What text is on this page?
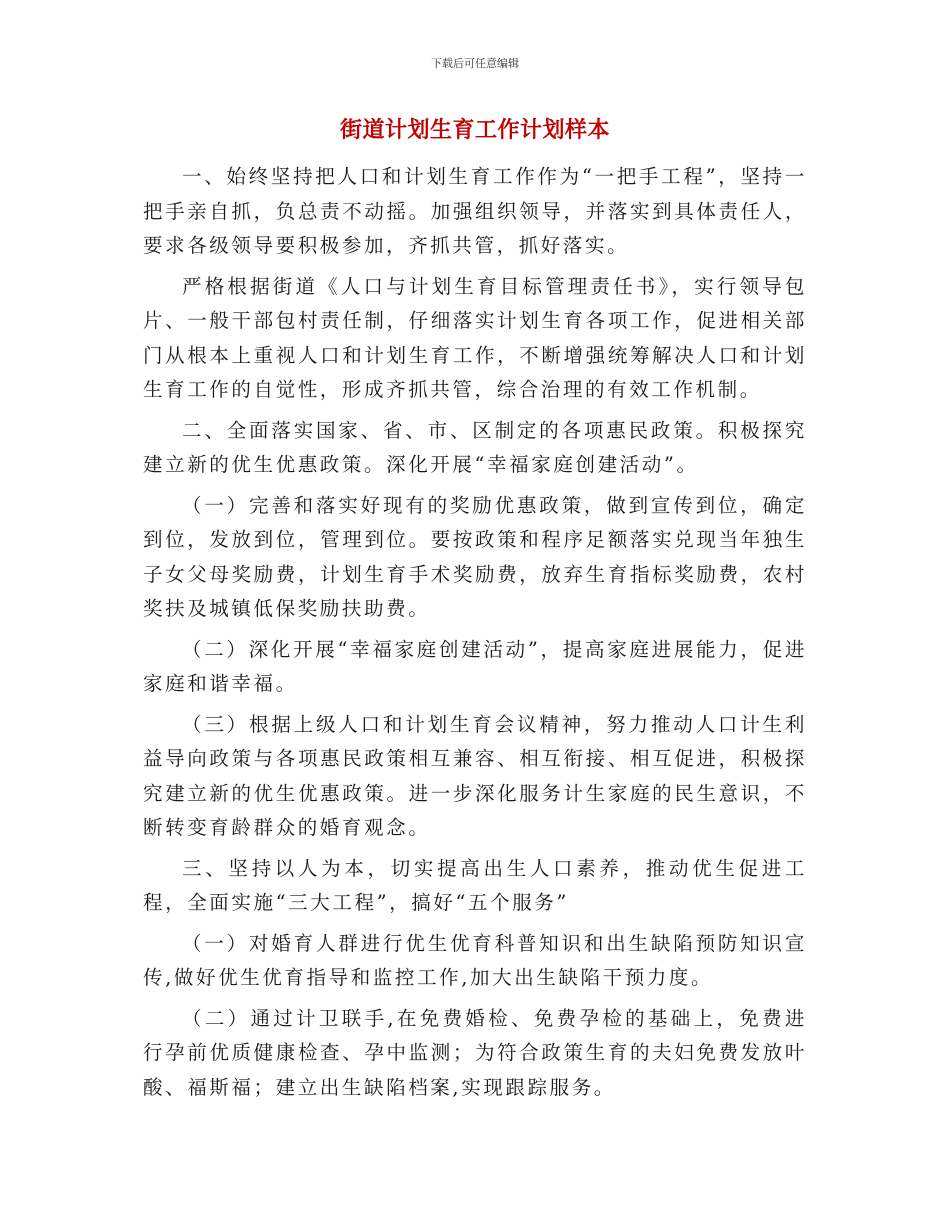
下载后可任意编辑
街道计划生育工作计划样本

一、始终坚持把人口和计划生育工作作为“一把手工程”，坚持一把手亲自抓，负总责不动摇。加强组织领导，并落实到具体责任人，要求各级领导要积极参加，齐抓共管，抓好落实。

严格根据街道《人口与计划生育目标管理责任书》，实行领导包片、一般干部包村责任制，仔细落实计划生育各项工作，促进相关部门从根本上重视人口和计划生育工作，不断增强统筹解决人口和计划生育工作的自觉性，形成齐抓共管，综合治理的有效工作机制。

二、全面落实国家、省、市、区制定的各项惠民政策。积极探究建立新的优生优惠政策。深化开展“幸福家庭创建活动”。

（一）完善和落实好现有的奖励优惠政策，做到宣传到位，确定到位，发放到位，管理到位。要按政策和程序足额落实兑现当年独生子女父母奖励费，计划生育手术奖励费，放弃生育指标奖励费，农村奖扶及城镇低保奖励扶助费。

（二）深化开展“幸福家庭创建活动”，提高家庭进展能力，促进家庭和谐幸福。

（三）根据上级人口和计划生育会议精神，努力推动人口计生利益导向政策与各项惠民政策相互兼容、相互衔接、相互促进，积极探究建立新的优生优惠政策。进一步深化服务计生家庭的民生意识，不断转变育龄群众的婚育观念。

三、坚持以人为本，切实提高出生人口素养，推动优生促进工程，全面实施“三大工程”，搞好“五个服务”

（一）对婚育人群进行优生优育科普知识和出生缺陷预防知识宣传,做好优生优育指导和监控工作,加大出生缺陷干预力度。

（二）通过计卫联手,在免费婚检、免费孕检的基础上，免费进行孕前优质健康检查、孕中监测；为符合政策生育的夫妇免费发放叶酸、福斯福；建立出生缺陷档案,实现跟踪服务。
